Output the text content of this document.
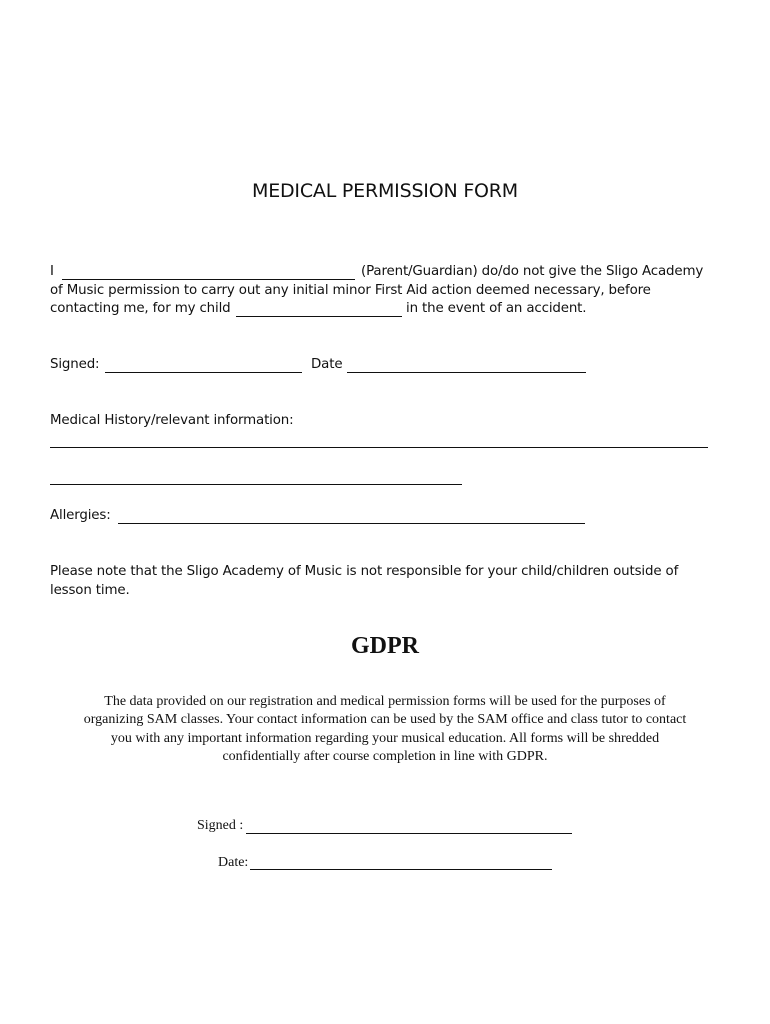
MEDICAL PERMISSION FORM
I	(Parent/Guardian) do/do not give the Sligo Academy
of Music permission to carry out any initial minor First Aid action deemed necessary, before
contacting me, for my child	in the event of an accident.
Signed:	Date
Medical History/relevant information:
Allergies:
Please note that the Sligo Academy of Music is not responsible for your child/children outside of
lesson time.
GDPR
The data provided on our registration and medical permission forms will be used for the purposes of
organizing SAM classes. Your contact information can be used by the SAM office and class tutor to contact
you with any important information regarding your musical education. All forms will be shredded
confidentially after course completion in line with GDPR.
Signed :
Date:
